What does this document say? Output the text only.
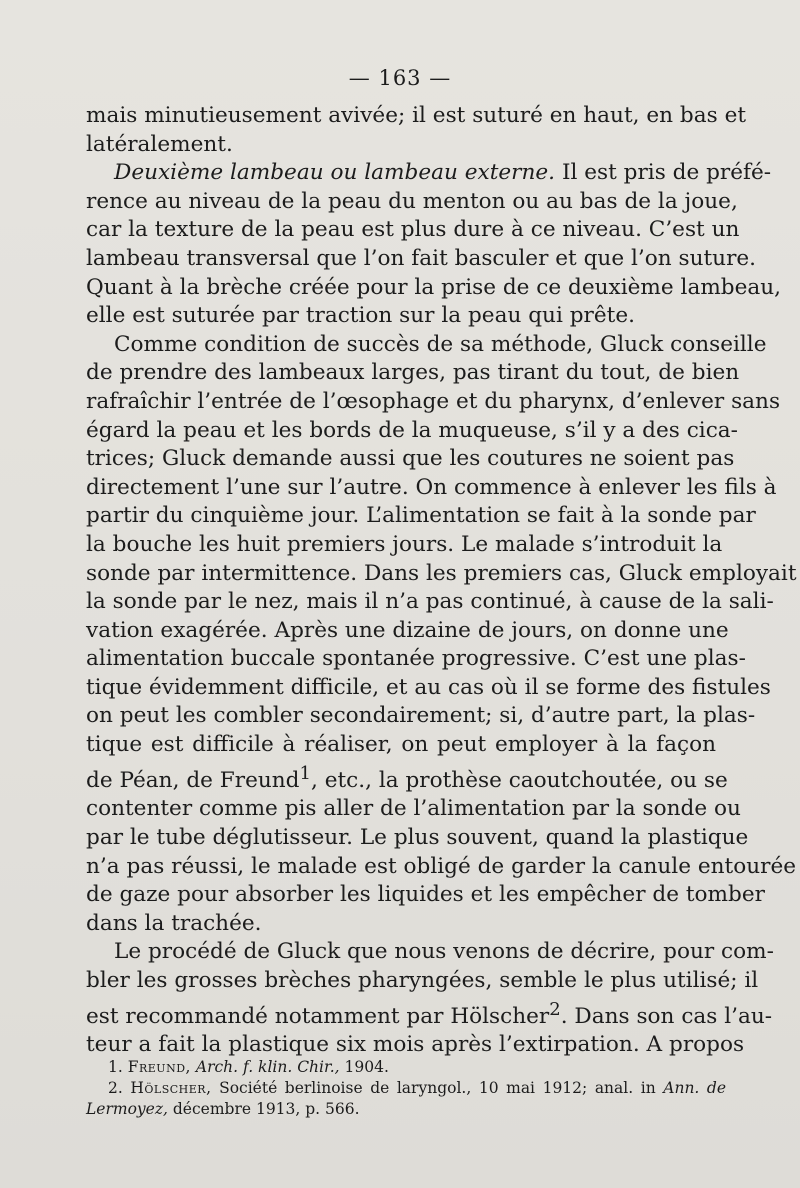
— 163 —
mais minutieusement avivée; il est suturé en haut, en bas et
latéralement.
Deuxième lambeau ou lambeau externe. Il est pris de préfé-
rence au niveau de la peau du menton ou au bas de la joue,
car la texture de la peau est plus dure à ce niveau. C’est un
lambeau transversal que l’on fait basculer et que l’on suture.
Quant à la brèche créée pour la prise de ce deuxième lambeau,
elle est suturée par traction sur la peau qui prête.
Comme condition de succès de sa méthode, Gluck conseille
de prendre des lambeaux larges, pas tirant du tout, de bien
rafraîchir l’entrée de l’œsophage et du pharynx, d’enlever sans
égard la peau et les bords de la muqueuse, s’il y a des cica-
trices; Gluck demande aussi que les coutures ne soient pas
directement l’une sur l’autre. On commence à enlever les fils à
partir du cinquième jour. L’alimentation se fait à la sonde par
la bouche les huit premiers jours. Le malade s’introduit la
sonde par intermittence. Dans les premiers cas, Gluck employait
la sonde par le nez, mais il n’a pas continué, à cause de la sali-
vation exagérée. Après une dizaine de jours, on donne une
alimentation buccale spontanée progressive. C’est une plas-
tique évidemment difficile, et au cas où il se forme des fistules
on peut les combler secondairement; si, d’autre part, la plas-
tique est difficile à réaliser, on peut employer à la façon
de Péan, de Freund$^1$, etc., la prothèse caoutchoutée, ou se
contenter comme pis aller de l’alimentation par la sonde ou
par le tube déglutisseur. Le plus souvent, quand la plastique
n’a pas réussi, le malade est obligé de garder la canule entourée
de gaze pour absorber les liquides et les empêcher de tomber
dans la trachée.
Le procédé de Gluck que nous venons de décrire, pour com-
bler les grosses brèches pharyngées, semble le plus utilisé; il
est recommandé notamment par Hölscher$^2$. Dans son cas l’au-
teur a fait la plastique six mois après l’extirpation. A propos
1. Freund, Arch. f. klin. Chir., 1904.
2. Hölscher, Société berlinoise de laryngol., 10 mai 1912; anal. in Ann. de
Lermoyez, décembre 1913, p. 566.
